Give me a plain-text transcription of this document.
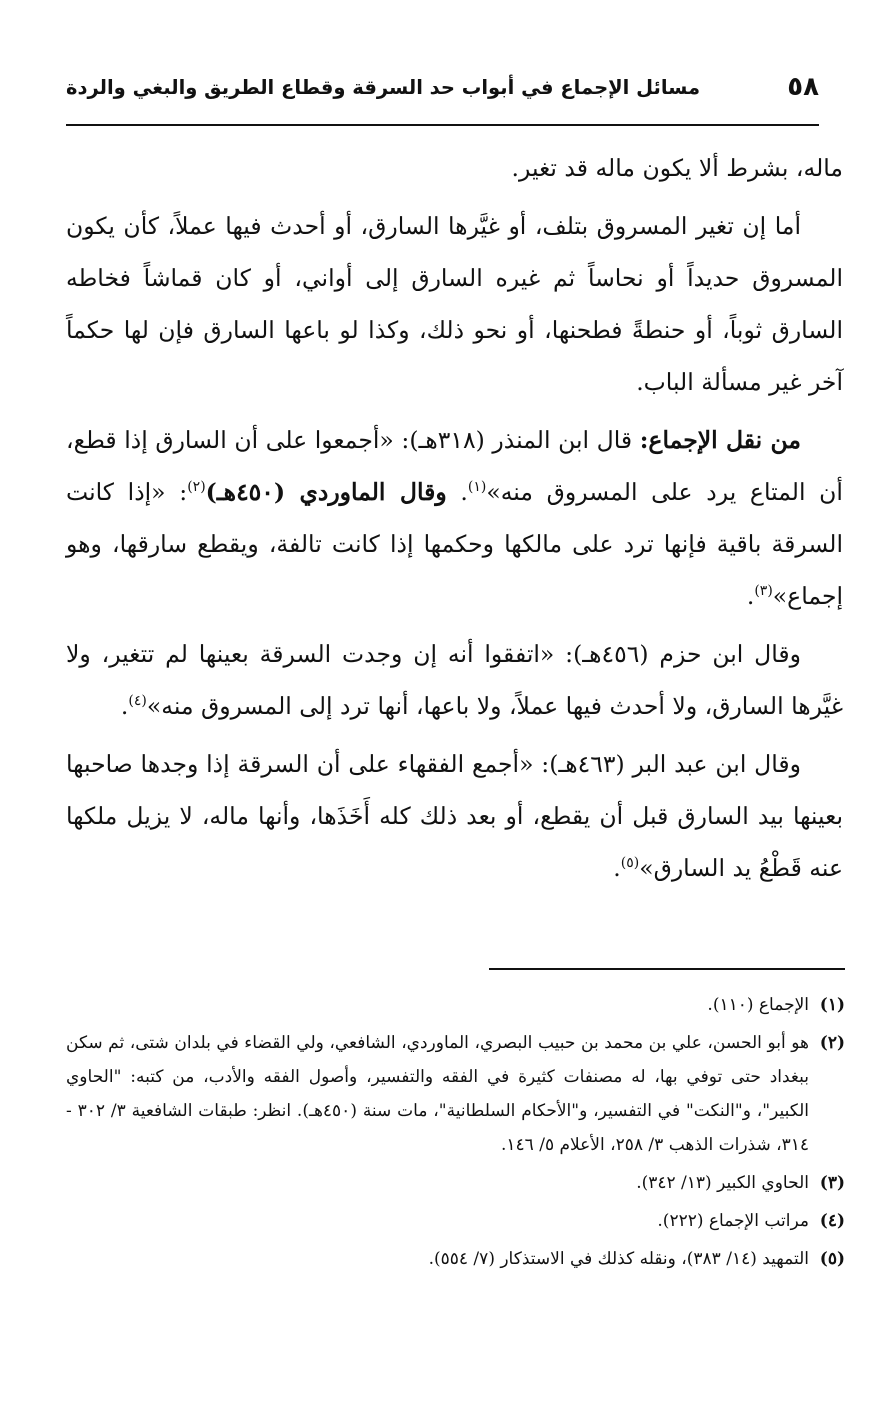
٥٨
مسائل الإجماع في أبواب حد السرقة وقطاع الطريق والبغي والردة

ماله، بشرط ألا يكون ماله قد تغير.

أما إن تغير المسروق بتلف، أو غيَّرها السارق، أو أحدث فيها عملاً، كأن يكون المسروق حديداً أو نحاساً ثم غيره السارق إلى أواني، أو كان قماشاً فخاطه السارق ثوباً، أو حنطةً فطحنها، أو نحو ذلك، وكذا لو باعها السارق فإن لها حكماً آخر غير مسألة الباب.

من نقل الإجماع: قال ابن المنذر (٣١٨هـ): «أجمعوا على أن السارق إذا قطع، أن المتاع يرد على المسروق منه»$^{(١)}$. وقال الماوردي (٤٥٠هـ)$^{(٢)}$: «إذا كانت السرقة باقية فإنها ترد على مالكها وحكمها إذا كانت تالفة، ويقطع سارقها، وهو إجماع»$^{(٣)}$.

وقال ابن حزم (٤٥٦هـ): «اتفقوا أنه إن وجدت السرقة بعينها لم تتغير، ولا غيَّرها السارق، ولا أحدث فيها عملاً، ولا باعها، أنها ترد إلى المسروق منه»$^{(٤)}$.

وقال ابن عبد البر (٤٦٣هـ): «أجمع الفقهاء على أن السرقة إذا وجدها صاحبها بعينها بيد السارق قبل أن يقطع، أو بعد ذلك كله أَخَذَها، وأنها ماله، لا يزيل ملكها عنه قَطْعُ يد السارق»$^{(٥)}$.

(١)
الإجماع (١١٠).
(٢)
هو أبو الحسن، علي بن محمد بن حبيب البصري، الماوردي، الشافعي، ولي القضاء في بلدان شتى، ثم سكن ببغداد حتى توفي بها، له مصنفات كثيرة في الفقه والتفسير، وأصول الفقه والأدب، من كتبه: "الحاوي الكبير"، و"النكت" في التفسير، و"الأحكام السلطانية"، مات سنة (٤٥٠هـ). انظر: طبقات الشافعية ٣/ ٣٠٢ - ٣١٤، شذرات الذهب ٣/ ٢٥٨، الأعلام ٥/ ١٤٦.
(٣)
الحاوي الكبير (١٣/ ٣٤٢).
(٤)
مراتب الإجماع (٢٢٢).
(٥)
التمهيد (١٤/ ٣٨٣)، ونقله كذلك في الاستذكار (٧/ ٥٥٤).
